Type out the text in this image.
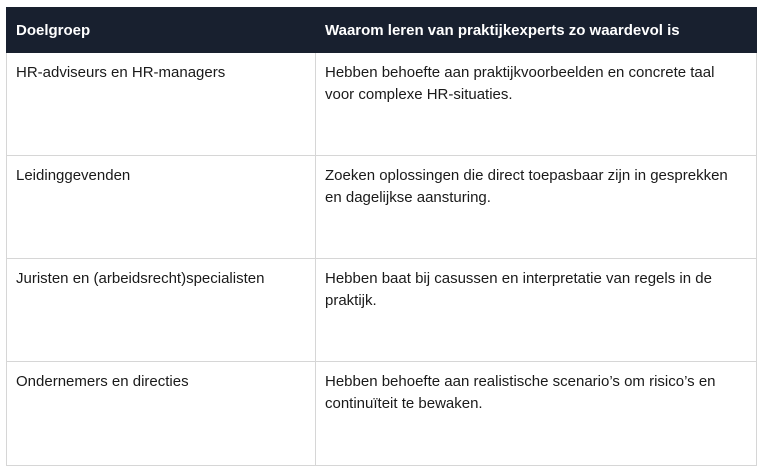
Doelgroep	Waarom leren van praktijkexperts zo waardevol is
HR-adviseurs en HR-managers	Hebben behoefte aan praktijkvoorbeelden en concrete taal voor complexe HR-situaties.
Leidinggevenden	Zoeken oplossingen die direct toepasbaar zijn in gesprekken en dagelijkse aansturing.
Juristen en (arbeidsrecht)specialisten	Hebben baat bij casussen en interpretatie van regels in de praktijk.
Ondernemers en directies	Hebben behoefte aan realistische scenario’s om risico’s en continuïteit te bewaken.
